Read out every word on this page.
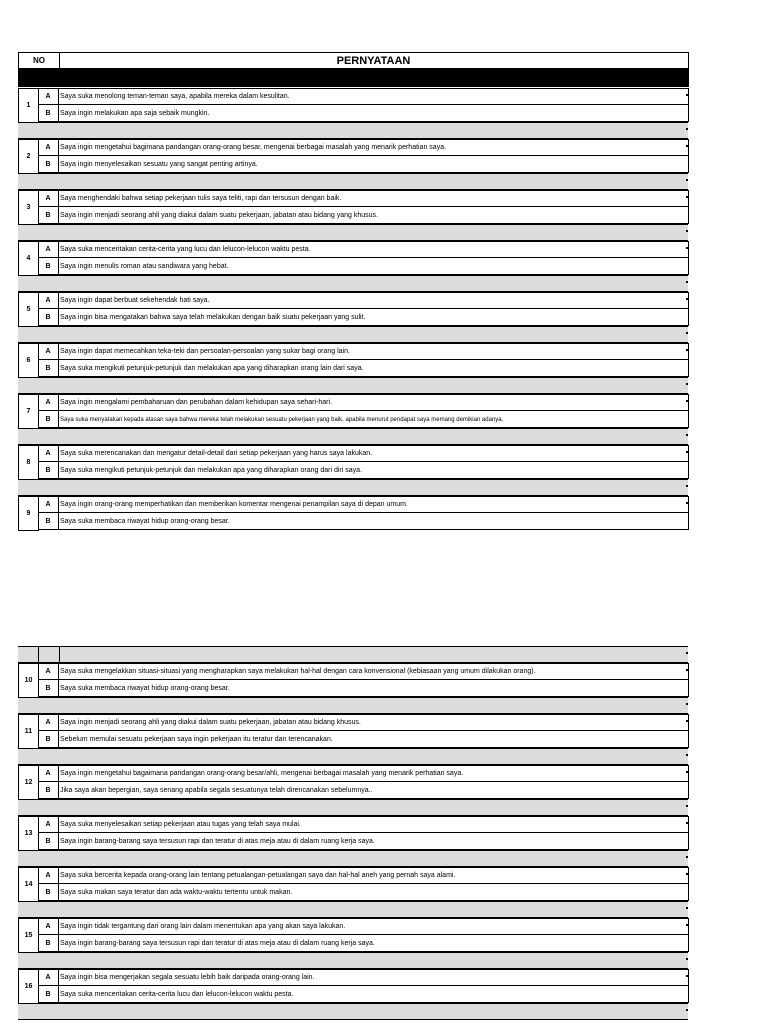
NO	PERNYATAAN
1
A	Saya suka menolong teman-teman saya, apabila mereka dalam kesulitan.
B	Saya ingin melakukan apa saja sebaik mungkin.
2
A	Saya ingin mengetahui bagimana pandangan orang-orang besar, mengenai berbagai masalah yang menarik perhatian saya.
B	Saya ingin menyelesaikan sesuatu yang sangat penting artinya.
3
A	Saya menghendaki bahwa setiap pekerjaan tulis saya teliti, rapi dan tersusun dengan baik.
B	Saya ingin menjadi seorang ahli yang diakui dalam suatu pekerjaan, jabatan atau bidang yang khusus.
4
A	Saya suka menceritakan cerita-cerita yang lucu dan lelucon-lelucon waktu pesta.
B	Saya ingin menulis roman atau sandiwara yang hebat.
5
A	Saya ingin dapat berbuat sekehendak hati saya.
B	Saya ingin bisa mengatakan bahwa saya telah melakukan dengan baik suatu pekerjaan yang sulit.
6
A	Saya ingin dapat memecahkan teka-teki dan persoalan-persoalan yang sukar bagi orang lain.
B	Saya suka mengikuti petunjuk-petunjuk dan melakukan apa yang diharapkan orang lain dari saya.
7
A	Saya ingin mengalami pembaharuan dan perubahan dalam kehidupan saya sehari-hari.
B	Saya suka menyatakan kepada atasan saya bahwa mereka telah melakukan sesuatu pekerjaan yang baik, apabila menurut pendapat saya memang demikian adanya.
8
A	Saya suka merencanakan dan mengatur detail-detail dari setiap pekerjaan yang harus saya lakukan.
B	Saya suka mengikuti petunjuk-petunjuk dan melakukan apa yang diharapkan orang dari diri saya.
9
A	Saya ingin orang-orang memperhatikan dan memberikan komentar mengenai penampilan saya di depan umum.
B	Saya suka membaca riwayat hidup orang-orang besar.
10
A	Saya suka mengelakkan situasi-situasi yang mengharapkan saya melakukan hal-hal dengan cara konvensional (kebiasaan yang umum dilakukan orang).
B	Saya suka membaca riwayat hidup orang-orang besar.
11
A	Saya ingin menjadi seorang ahli yang diakui dalam suatu pekerjaan, jabatan atau bidang khusus.
B	Sebelum memulai sesuatu pekerjaan saya ingin pekerjaan itu teratur dan terencanakan.
12
A	Saya ingin mengetahui bagaimana pandangan orang-orang besar/ahli, mengenai berbagai masalah yang menarik perhatian saya.
B	Jika saya akan bepergian, saya senang apabila segala sesuatunya telah direncanakan sebelumnya..
13
A	Saya suka menyelesaikan setiap pekerjaan atau tugas yang telah saya mulai.
B	Saya ingin barang-barang saya tersusun rapi dan teratur di atas meja atau di dalam ruang kerja saya.
14
A	Saya suka bercerita kepada orang-orang lain tentang petualangan-petualangan saya dan hal-hal aneh yang pernah saya alami.
B	Saya suka makan saya teratur dan ada waktu-waktu tertentu untuk makan.
15
A	Saya ingin tidak tergantung dari orang lain dalam menentukan apa yang akan saya lakukan.
B	Saya ingin barang-barang saya tersusun rapi dan teratur di atas meja atau di dalam ruang kerja saya.
16
A	Saya ingin bisa mengerjakan segala sesuatu lebih baik daripada orang-orang lain.
B	Saya suka menceritakan cerita-cerita lucu dan lelucon-lelucon waktu pesta.
